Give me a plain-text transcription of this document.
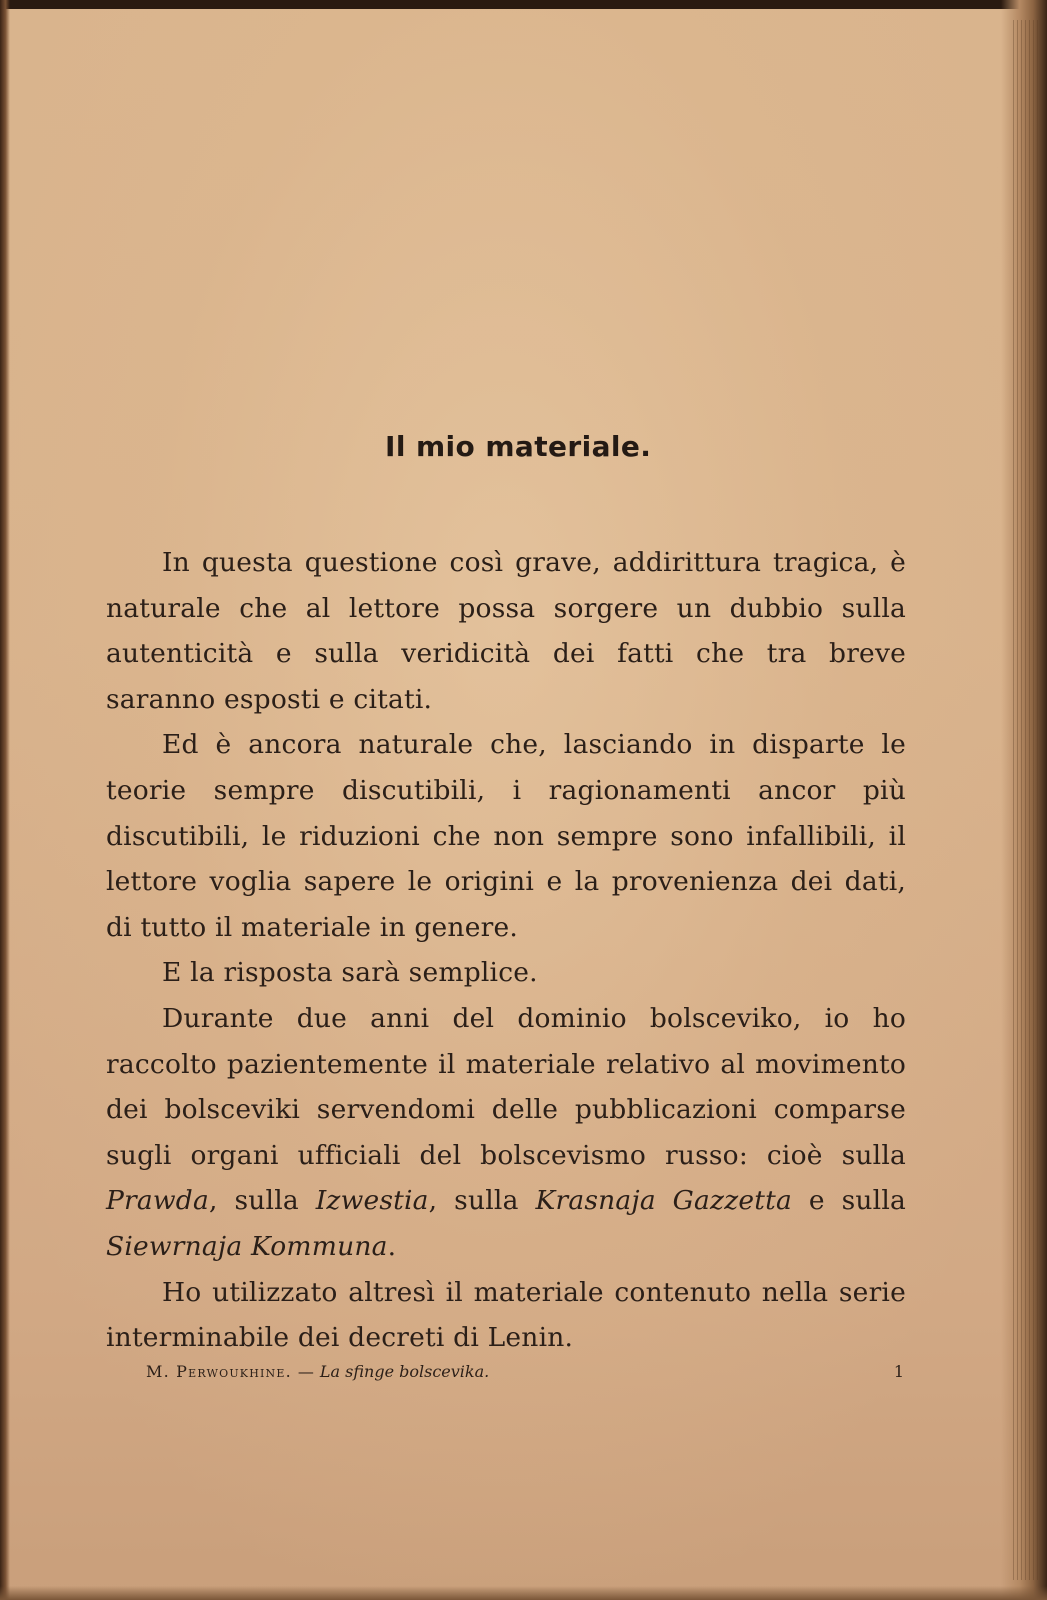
Il mio materiale.

In questa questione così grave, addirittura tragica, è naturale che al lettore possa sorgere un dubbio sulla autenticità e sulla veridicità dei fatti che tra breve saranno esposti e citati.

Ed è ancora naturale che, lasciando in disparte le teorie sempre discutibili, i ragionamenti ancor più discutibili, le riduzioni che non sempre sono infallibili, il lettore voglia sapere le origini e la provenienza dei dati, di tutto il materiale in genere.

E la risposta sarà semplice.

Durante due anni del dominio bolsceviko, io ho raccolto pazientemente il materiale relativo al movimento dei bolsceviki servendomi delle pubblicazioni comparse sugli organi ufficiali del bolscevismo russo: cioè sulla Prawda, sulla Izwestia, sulla Krasnaja Gazzetta e sulla Siewrnaja Kommuna.

Ho utilizzato altresì il materiale contenuto nella serie interminabile dei decreti di Lenin.

M. Perwoukhine. — La sfinge bolscevika.	1
